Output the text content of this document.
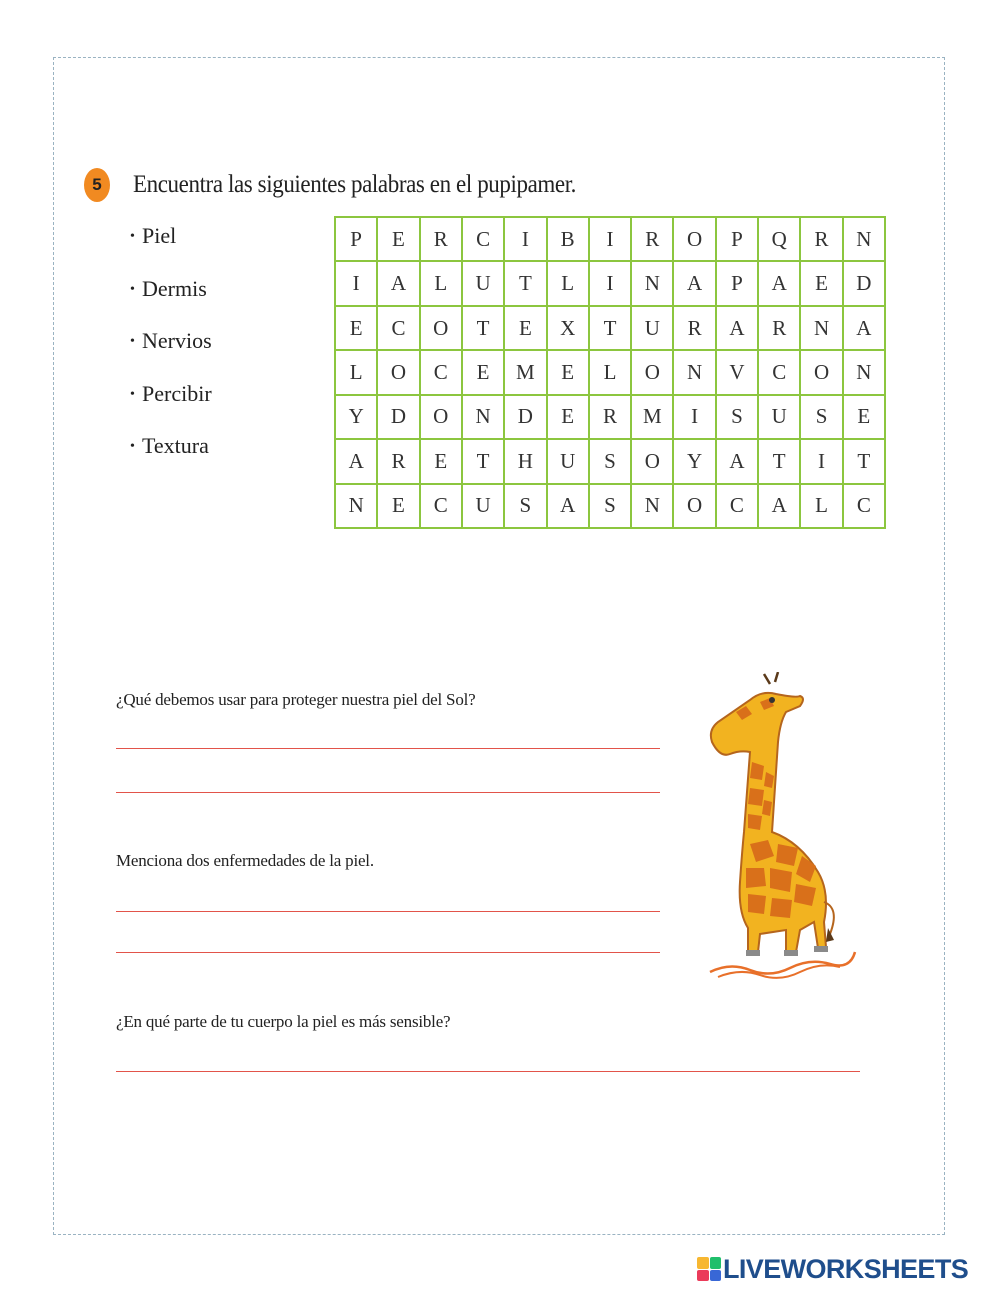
5	Encuentra las siguientes palabras en el pupipamer.
• Piel
• Dermis
• Nervios
• Percibir
• Textura
P	E	R	C	I	B	I	R	O	P	Q	R	N
I	A	L	U	T	L	I	N	A	P	A	E	D
E	C	O	T	E	X	T	U	R	A	R	N	A
L	O	C	E	M	E	L	O	N	V	C	O	N
Y	D	O	N	D	E	R	M	I	S	U	S	E
A	R	E	T	H	U	S	O	Y	A	T	I	T
N	E	C	U	S	A	S	N	O	C	A	L	C
¿Qué debemos usar para proteger nuestra piel del Sol?
Menciona dos enfermedades de la piel.
¿En qué parte de tu cuerpo la piel es más sensible?
LIVEWORKSHEETS
